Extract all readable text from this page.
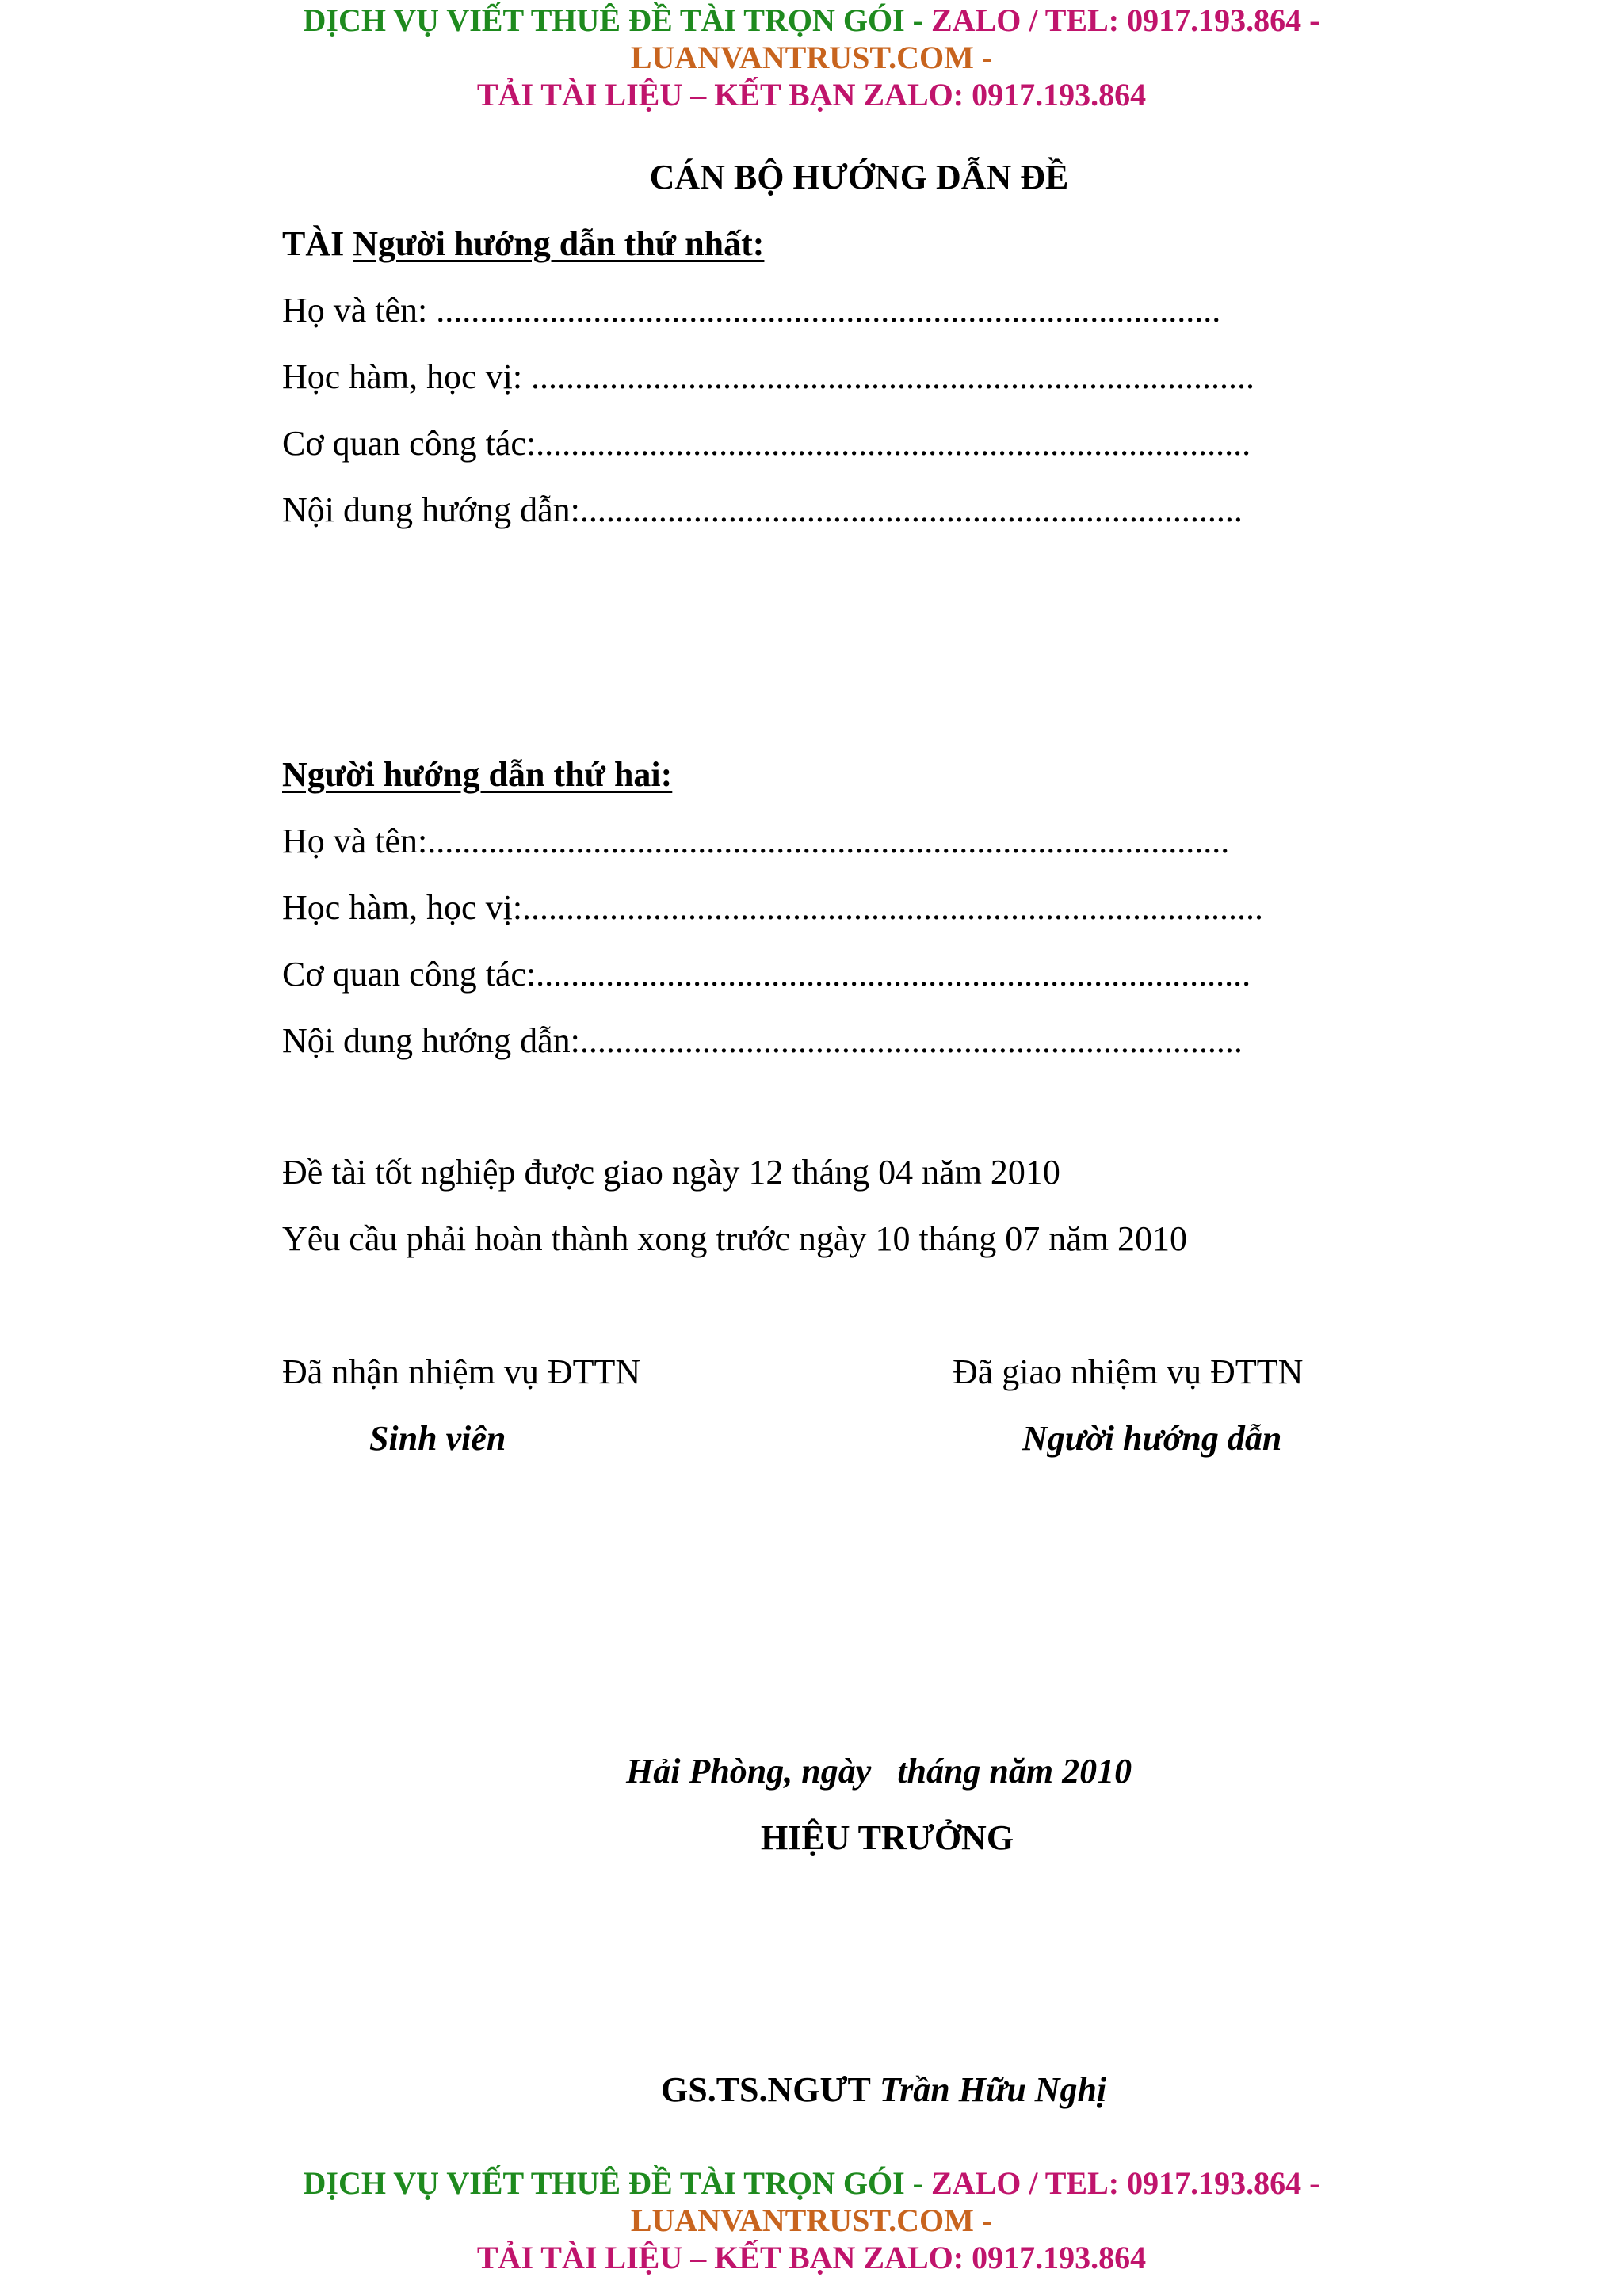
DỊCH VỤ VIẾT THUÊ ĐỀ TÀI TRỌN GÓI - ZALO / TEL: 0917.193.864 -
LUANVANTRUST.COM -
TẢI TÀI LIỆU – KẾT BẠN ZALO: 0917.193.864
CÁN BỘ HƯỚNG DẪN ĐỀ
TÀI Người hướng dẫn thứ nhất:
Họ và tên: ..........................................................................................
Học hàm, học vị: ...................................................................................
Cơ quan công tác:..................................................................................
Nội dung hướng dẫn:............................................................................
Người hướng dẫn thứ hai:
Họ và tên:............................................................................................
Học hàm, học vị:.....................................................................................
Cơ quan công tác:..................................................................................
Nội dung hướng dẫn:............................................................................
Đề tài tốt nghiệp được giao ngày 12 tháng 04 năm 2010
Yêu cầu phải hoàn thành xong trước ngày 10 tháng 07 năm 2010
Đã nhận nhiệm vụ ĐTTN
Sinh viên
Đã giao nhiệm vụ ĐTTN
Người hướng dẫn
Hải Phòng, ngày   tháng năm 2010
HIỆU TRƯỞNG
GS.TS.NGƯT Trần Hữu Nghị
DỊCH VỤ VIẾT THUÊ ĐỀ TÀI TRỌN GÓI - ZALO / TEL: 0917.193.864 -
LUANVANTRUST.COM -
TẢI TÀI LIỆU – KẾT BẠN ZALO: 0917.193.864
